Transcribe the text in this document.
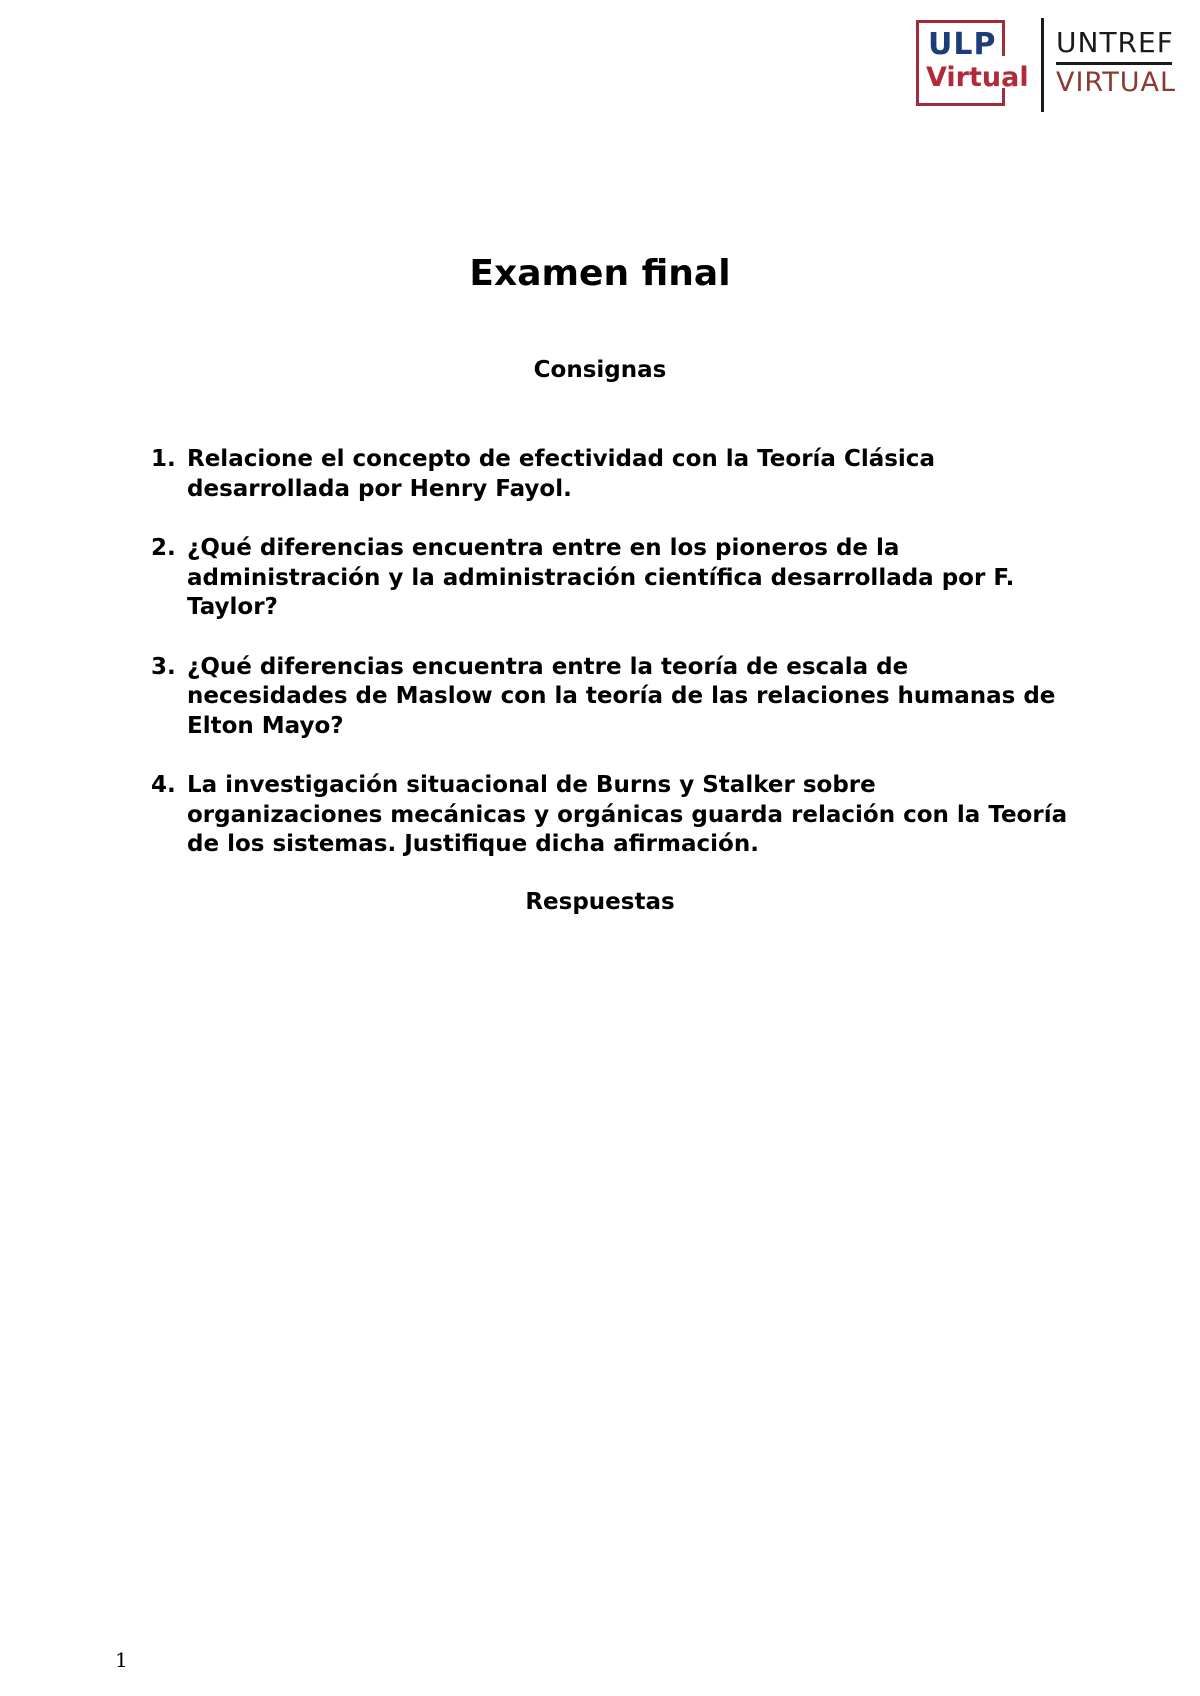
ULP
Virtual
UNTREF
VIRTUAL
Examen final
Consignas
1. Relacione el concepto de efectividad con la Teoría Clásica desarrollada por Henry Fayol.
2. ¿Qué diferencias encuentra entre en los pioneros de la administración y la administración científica desarrollada por F. Taylor?
3. ¿Qué diferencias encuentra entre la teoría de escala de necesidades de Maslow con la teoría de las relaciones humanas de Elton Mayo?
4. La investigación situacional de Burns y Stalker sobre organizaciones mecánicas y orgánicas guarda relación con la Teoría de los sistemas. Justifique dicha afirmación.
Respuestas
1
